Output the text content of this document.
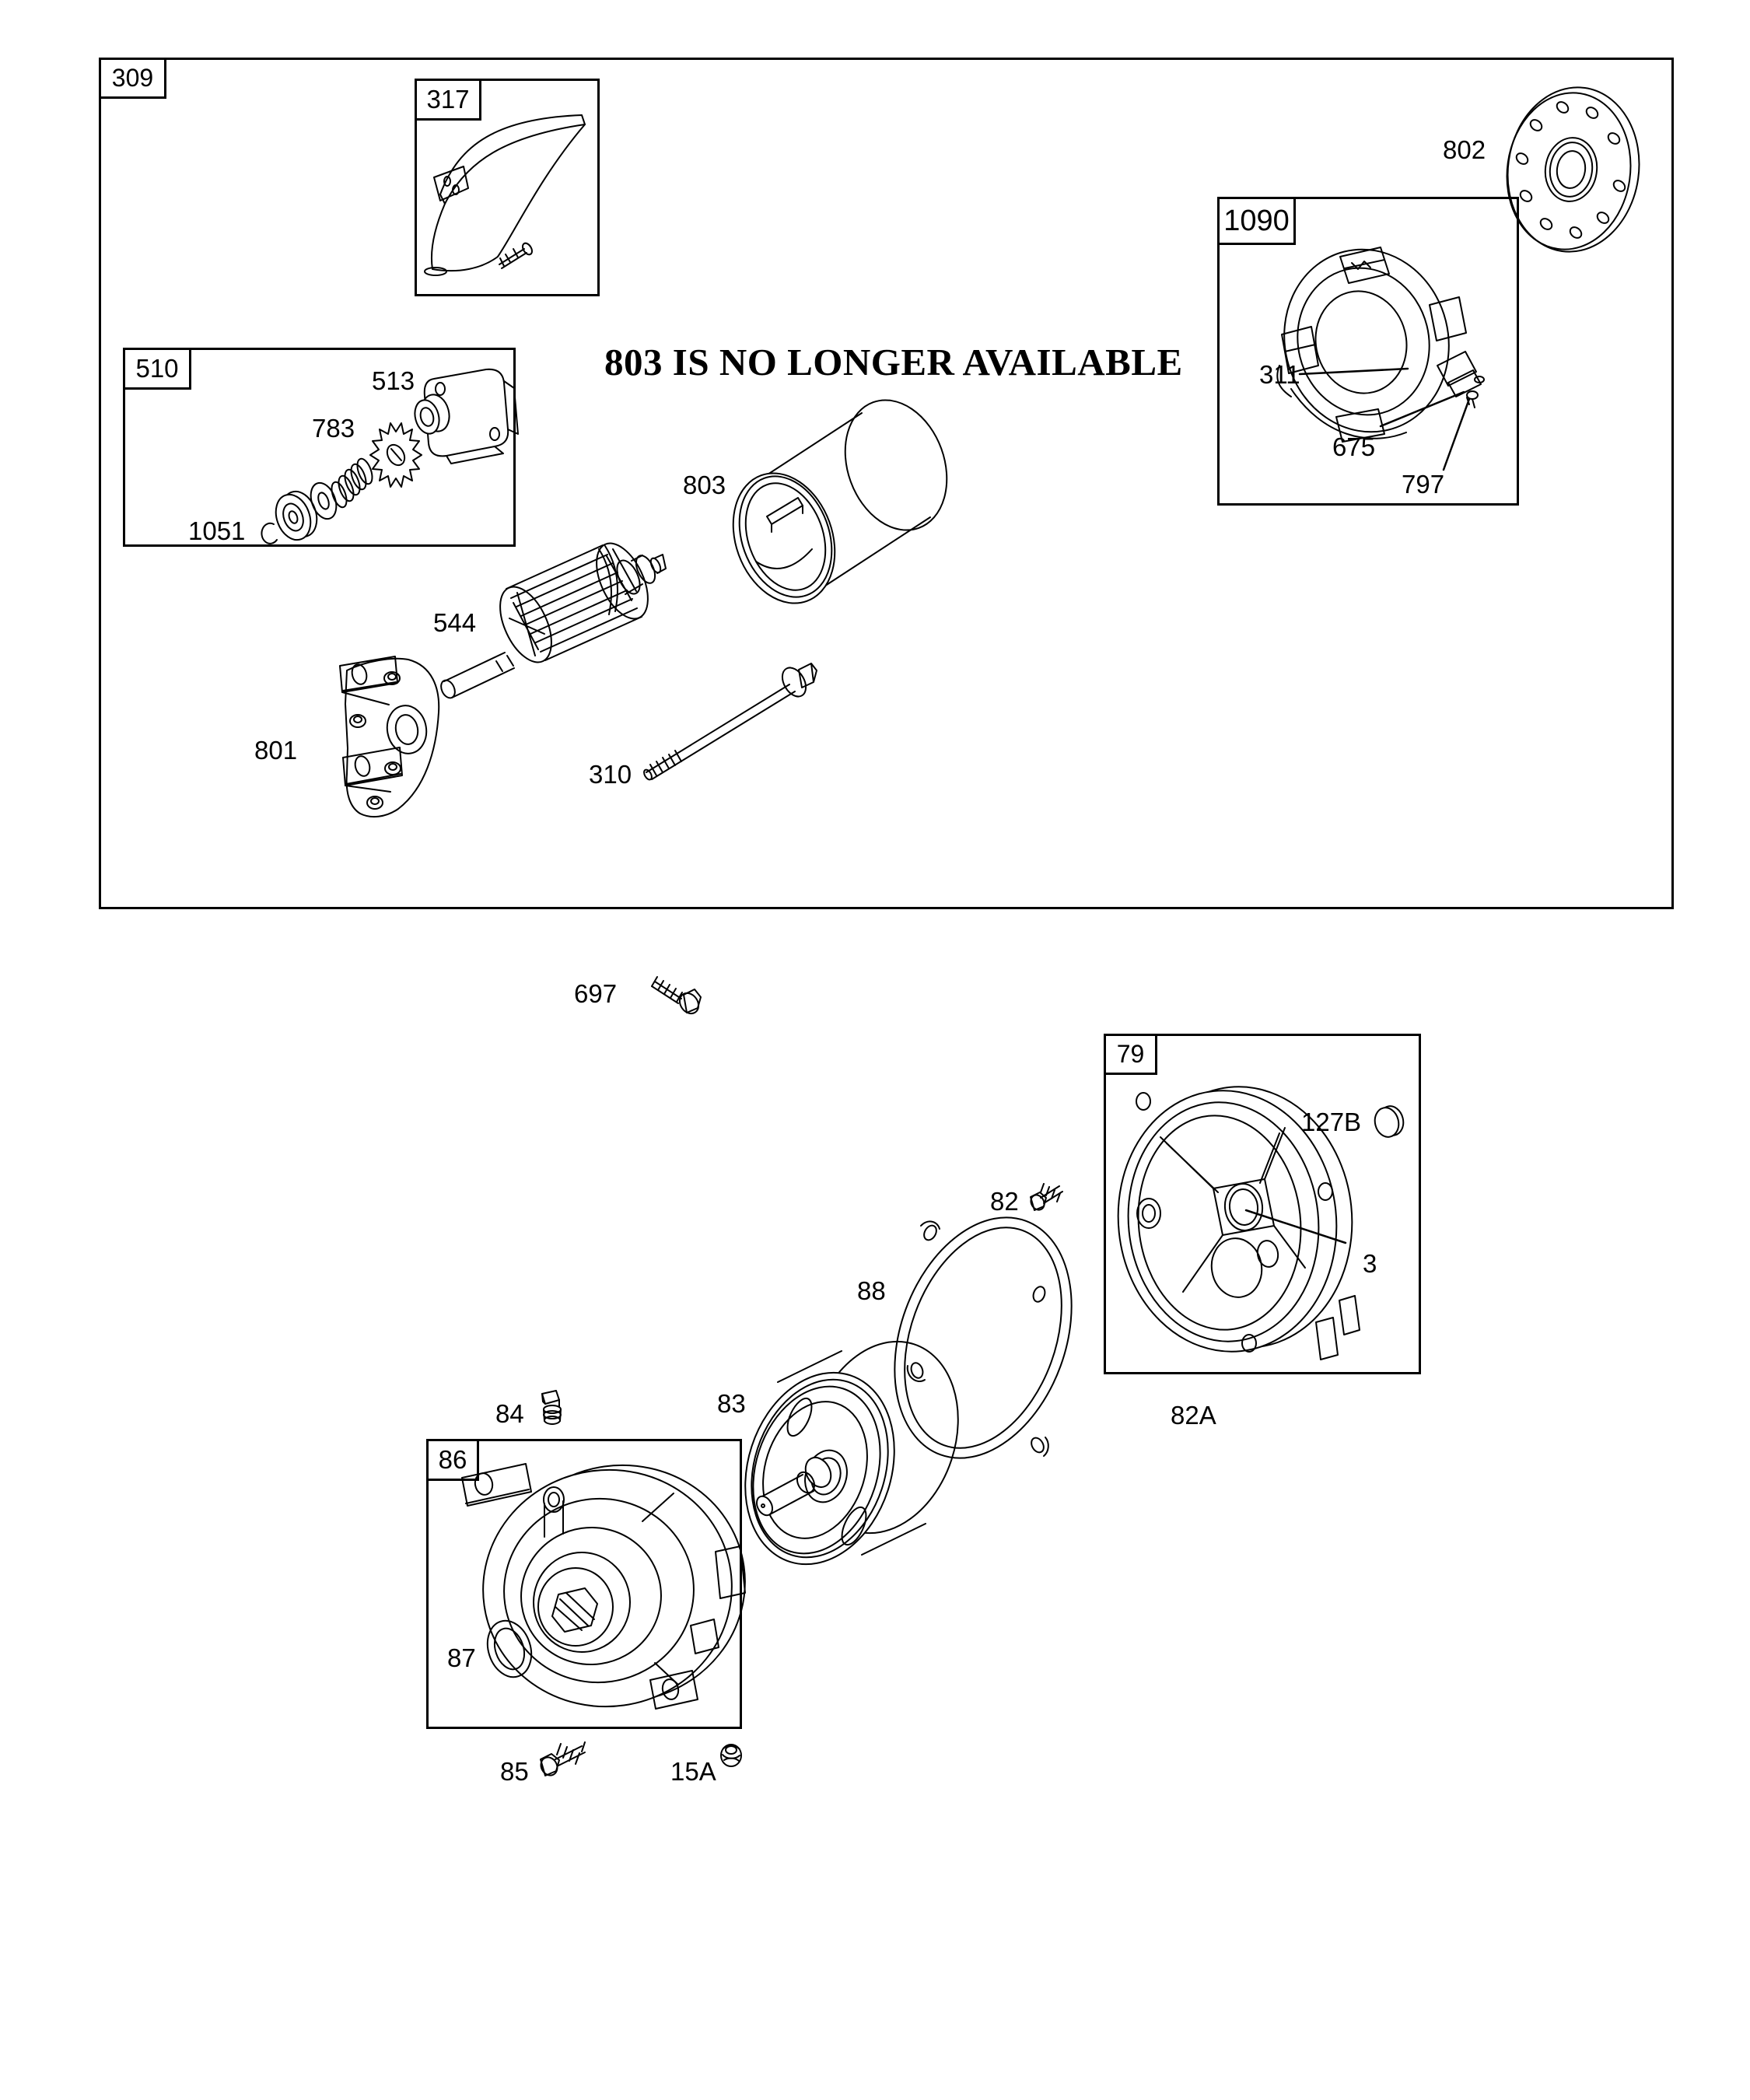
309
317
510
1090
79
86
803 IS NO LONGER AVAILABLE
802
311
675
797
513
783
1051
803
544
801
310
697
127B
3
82
88
83	82A
84
87
85	15A
